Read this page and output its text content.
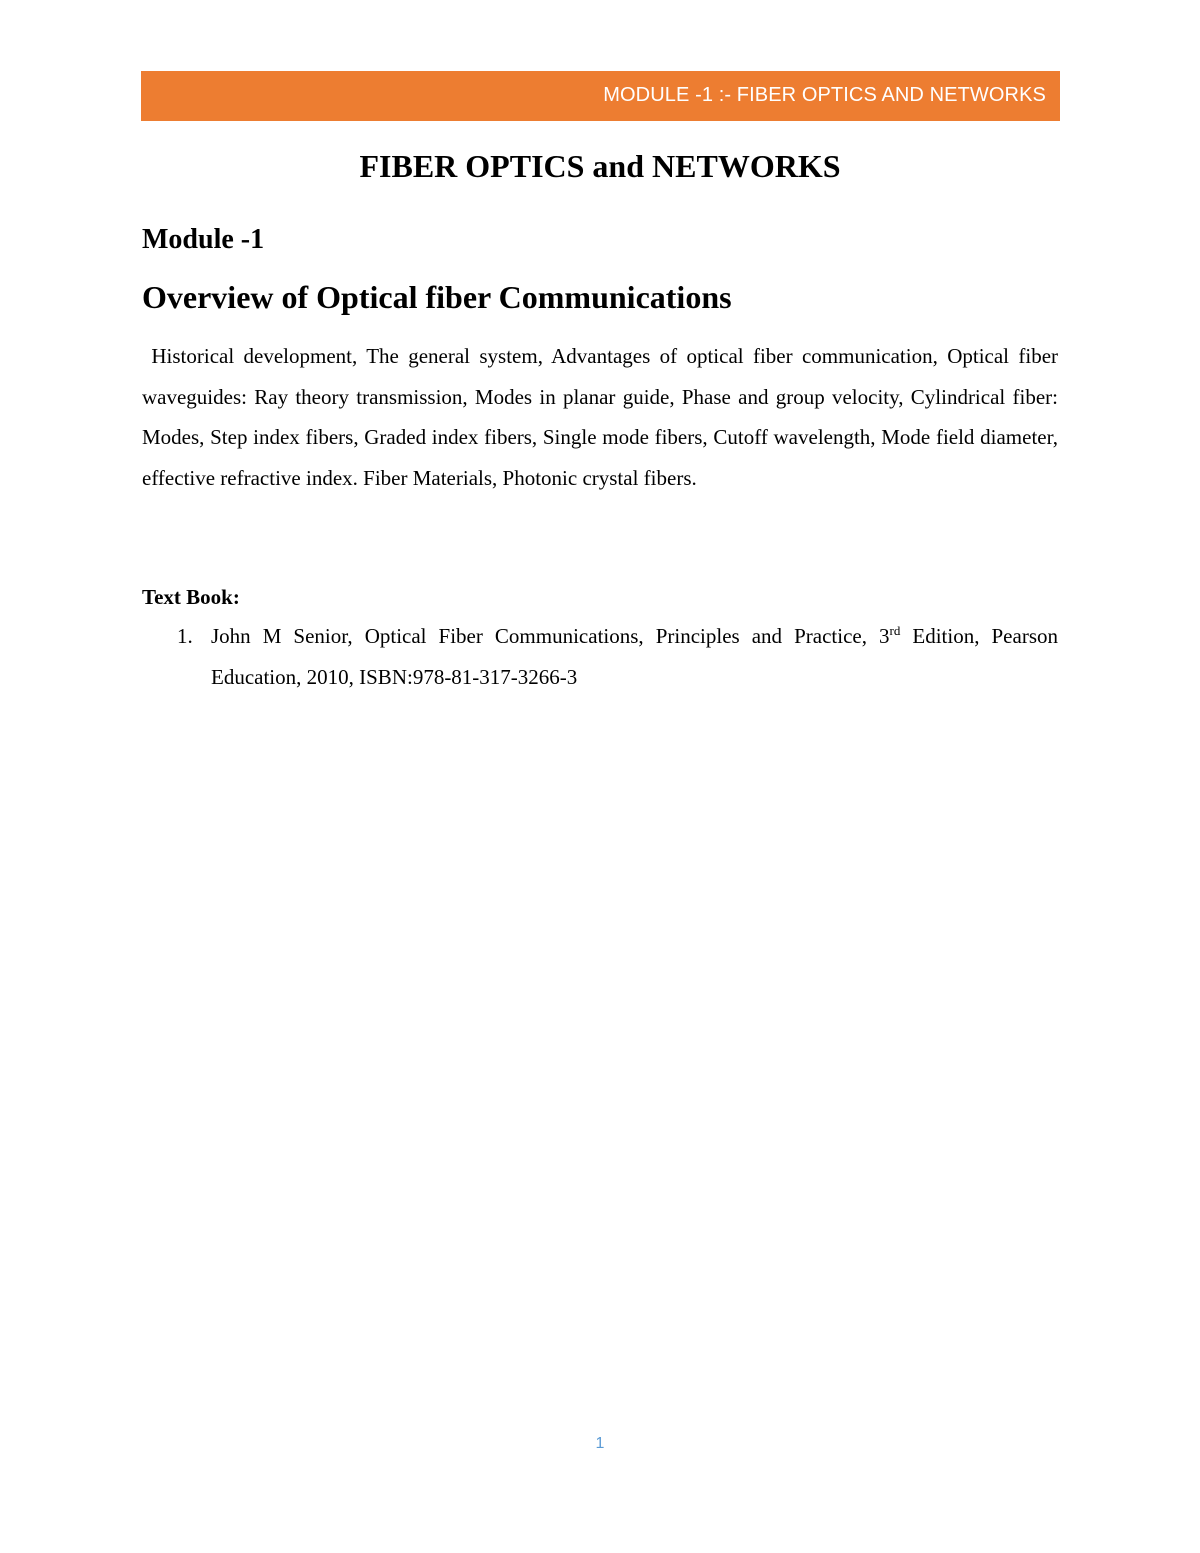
MODULE -1 :- FIBER OPTICS AND NETWORKS
FIBER OPTICS and NETWORKS
Module -1
Overview of Optical fiber Communications

Historical development, The general system, Advantages of optical fiber communication, Optical fiber waveguides: Ray theory transmission, Modes in planar guide, Phase and group velocity, Cylindrical fiber: Modes, Step index fibers, Graded index fibers, Single mode fibers, Cutoff wavelength, Mode field diameter, effective refractive index. Fiber Materials, Photonic crystal fibers.

Text Book:

1. John M Senior, Optical Fiber Communications, Principles and Practice, 3rd Edition, Pearson Education, 2010, ISBN:978-81-317-3266-3
1
